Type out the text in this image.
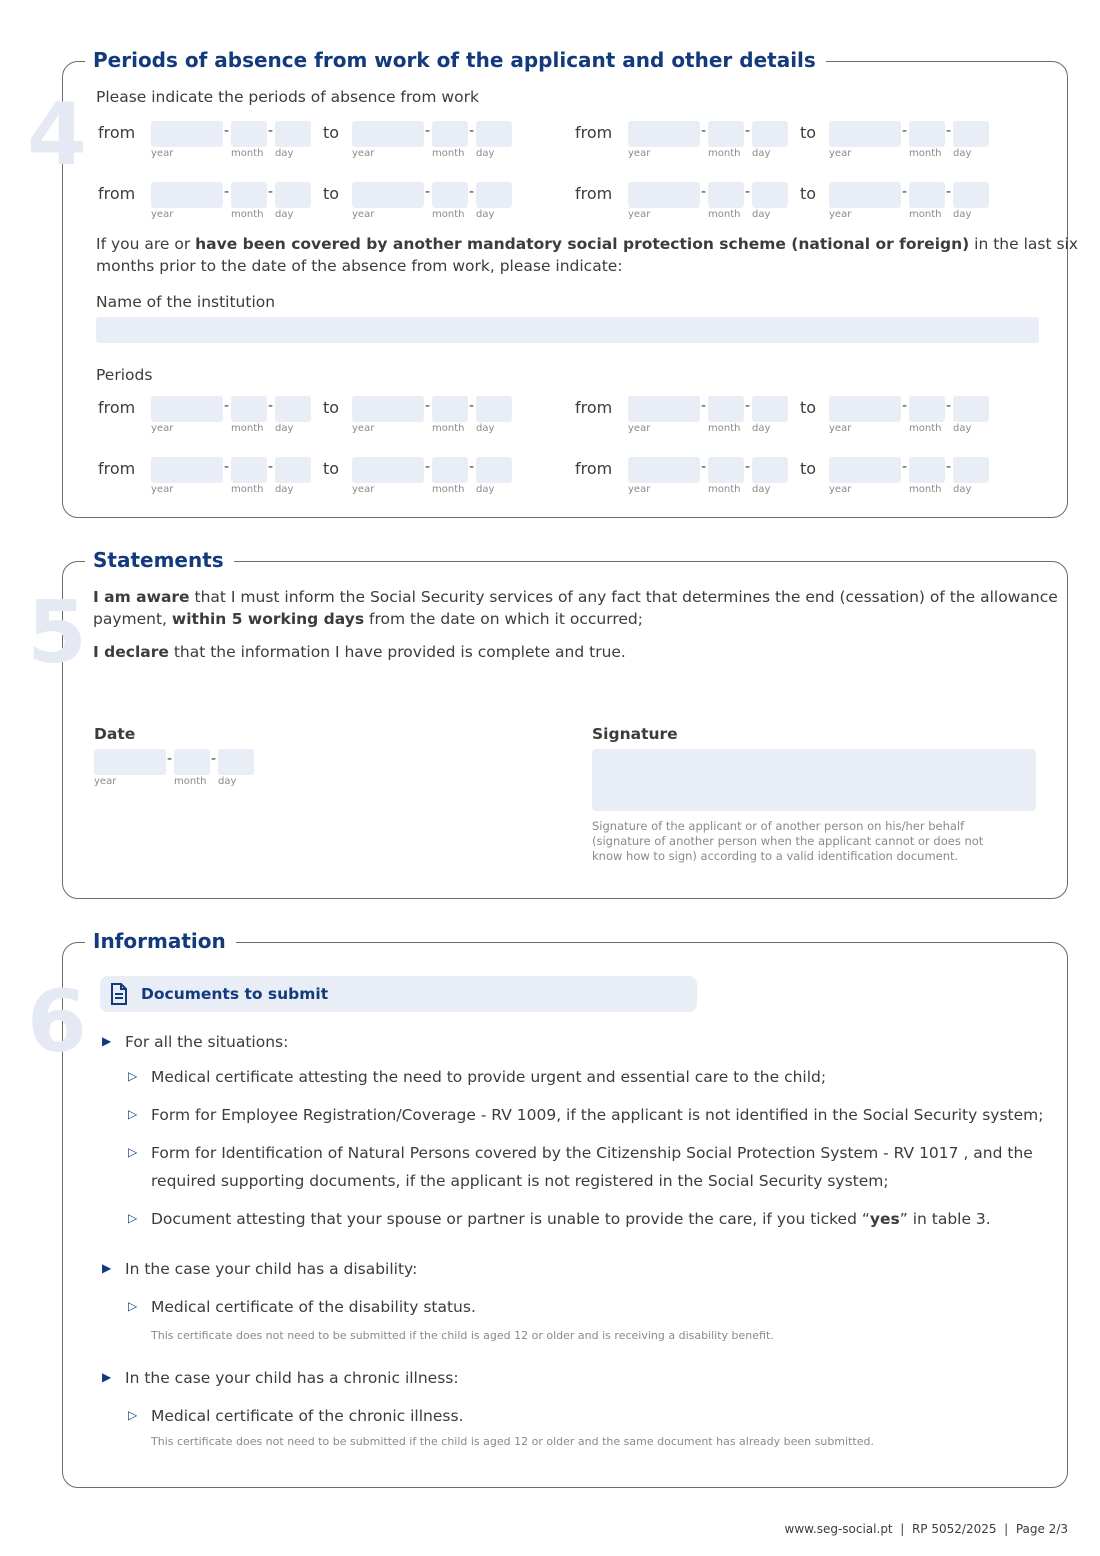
4
Periods of absence from work of the applicant and other details
Please indicate the periods of absence from work
from
year
-
month
-
day
to
year
-
month
-
day
from
year
-
month
-
day
to
year
-
month
-
day
from
year
-
month
-
day
to
year
-
month
-
day
from
year
-
month
-
day
to
year
-
month
-
day
If you are or have been covered by another mandatory social protection scheme (national or foreign) in the last six
months prior to the date of the absence from work, please indicate:
Name of the institution
Periods
from
year
-
month
-
day
to
year
-
month
-
day
from
year
-
month
-
day
to
year
-
month
-
day
from
year
-
month
-
day
to
year
-
month
-
day
from
year
-
month
-
day
to
year
-
month
-
day
5
Statements
I am aware that I must inform the Social Security services of any fact that determines the end (cessation) of the allowance
payment, within 5 working days from the date on which it occurred;
I declare that the information I have provided is complete and true.
Date
year
-
month
-
day
Signature
Signature of the applicant or of another person on his/her behalf
(signature of another person when the applicant cannot or does not
know how to sign) according to a valid identification document.
6
Information
Documents to submit
▶ For all the situations:
▷ Medical certificate attesting the need to provide urgent and essential care to the child;
▷ Form for Employee Registration/Coverage - RV 1009, if the applicant is not identified in the Social Security system;
▷ Form for Identification of Natural Persons covered by the Citizenship Social Protection System - RV 1017 , and the
required supporting documents, if the applicant is not registered in the Social Security system;
▷ Document attesting that your spouse or partner is unable to provide the care, if you ticked “yes” in table 3.
▶ In the case your child has a disability:
▷ Medical certificate of the disability status.
This certificate does not need to be submitted if the child is aged 12 or older and is receiving a disability benefit.
▶ In the case your child has a chronic illness:
▷ Medical certificate of the chronic illness.
This certificate does not need to be submitted if the child is aged 12 or older and the same document has already been submitted.
www.seg-social.pt | RP 5052/2025 | Page 2/3
